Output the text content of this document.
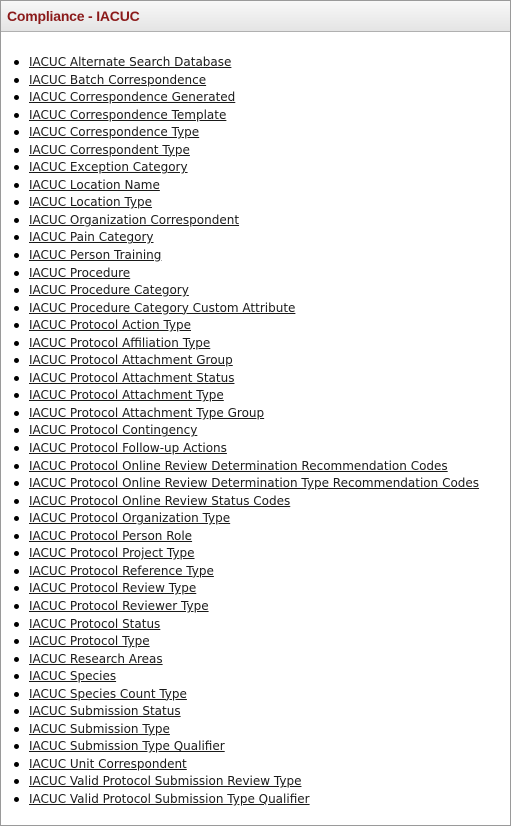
Compliance - IACUC
IACUC Alternate Search Database
IACUC Batch Correspondence
IACUC Correspondence Generated
IACUC Correspondence Template
IACUC Correspondence Type
IACUC Correspondent Type
IACUC Exception Category
IACUC Location Name
IACUC Location Type
IACUC Organization Correspondent
IACUC Pain Category
IACUC Person Training
IACUC Procedure
IACUC Procedure Category
IACUC Procedure Category Custom Attribute
IACUC Protocol Action Type
IACUC Protocol Affiliation Type
IACUC Protocol Attachment Group
IACUC Protocol Attachment Status
IACUC Protocol Attachment Type
IACUC Protocol Attachment Type Group
IACUC Protocol Contingency
IACUC Protocol Follow-up Actions
IACUC Protocol Online Review Determination Recommendation Codes
IACUC Protocol Online Review Determination Type Recommendation Codes
IACUC Protocol Online Review Status Codes
IACUC Protocol Organization Type
IACUC Protocol Person Role
IACUC Protocol Project Type
IACUC Protocol Reference Type
IACUC Protocol Review Type
IACUC Protocol Reviewer Type
IACUC Protocol Status
IACUC Protocol Type
IACUC Research Areas
IACUC Species
IACUC Species Count Type
IACUC Submission Status
IACUC Submission Type
IACUC Submission Type Qualifier
IACUC Unit Correspondent
IACUC Valid Protocol Submission Review Type
IACUC Valid Protocol Submission Type Qualifier
